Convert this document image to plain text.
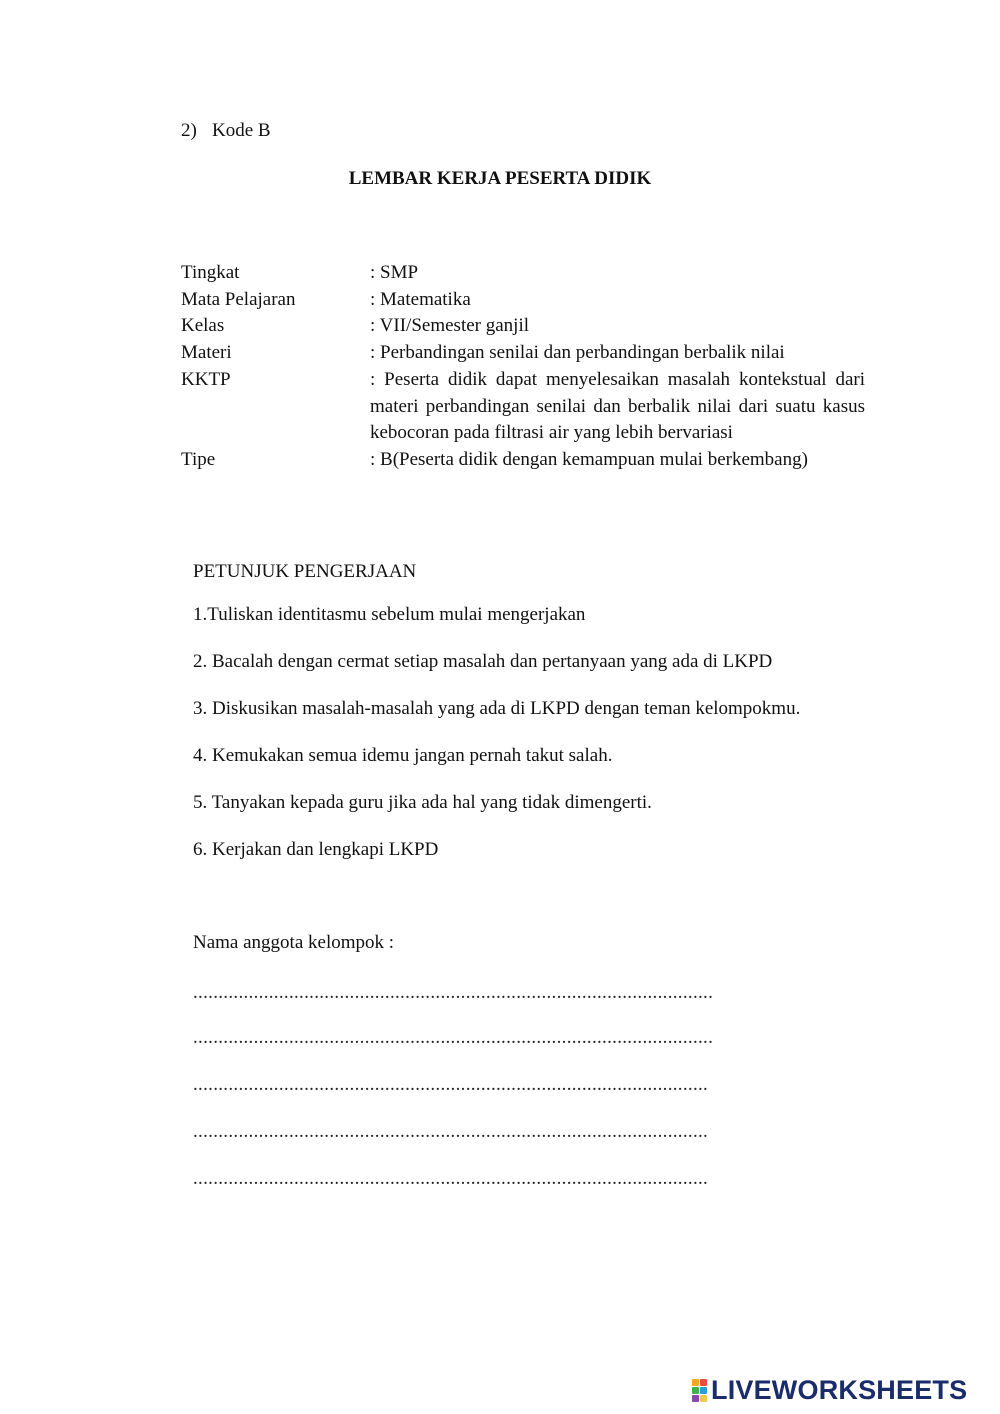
2) Kode B
LEMBAR KERJA PESERTA DIDIK
Tingkat	: SMP
Mata Pelajaran	: Matematika
Kelas	: VII/Semester ganjil
Materi	: Perbandingan senilai dan perbandingan berbalik nilai
KKTP	: Peserta didik dapat menyelesaikan masalah kontekstual dari materi perbandingan senilai dan berbalik nilai dari suatu kasus kebocoran pada filtrasi air yang lebih bervariasi
Tipe	: B(Peserta didik dengan kemampuan mulai berkembang)
PETUNJUK PENGERJAAN
1.Tuliskan identitasmu sebelum mulai mengerjakan
2. Bacalah dengan cermat setiap masalah dan pertanyaan yang ada di LKPD
3. Diskusikan masalah-masalah yang ada di LKPD dengan teman kelompokmu.
4. Kemukakan semua idemu jangan pernah takut salah.
5. Tanyakan kepada guru jika ada hal yang tidak dimengerti.
6. Kerjakan dan lengkapi LKPD
Nama anggota kelompok :
.......................................................................................................
.......................................................................................................
......................................................................................................
......................................................................................................
......................................................................................................
LIVEWORKSHEETS
